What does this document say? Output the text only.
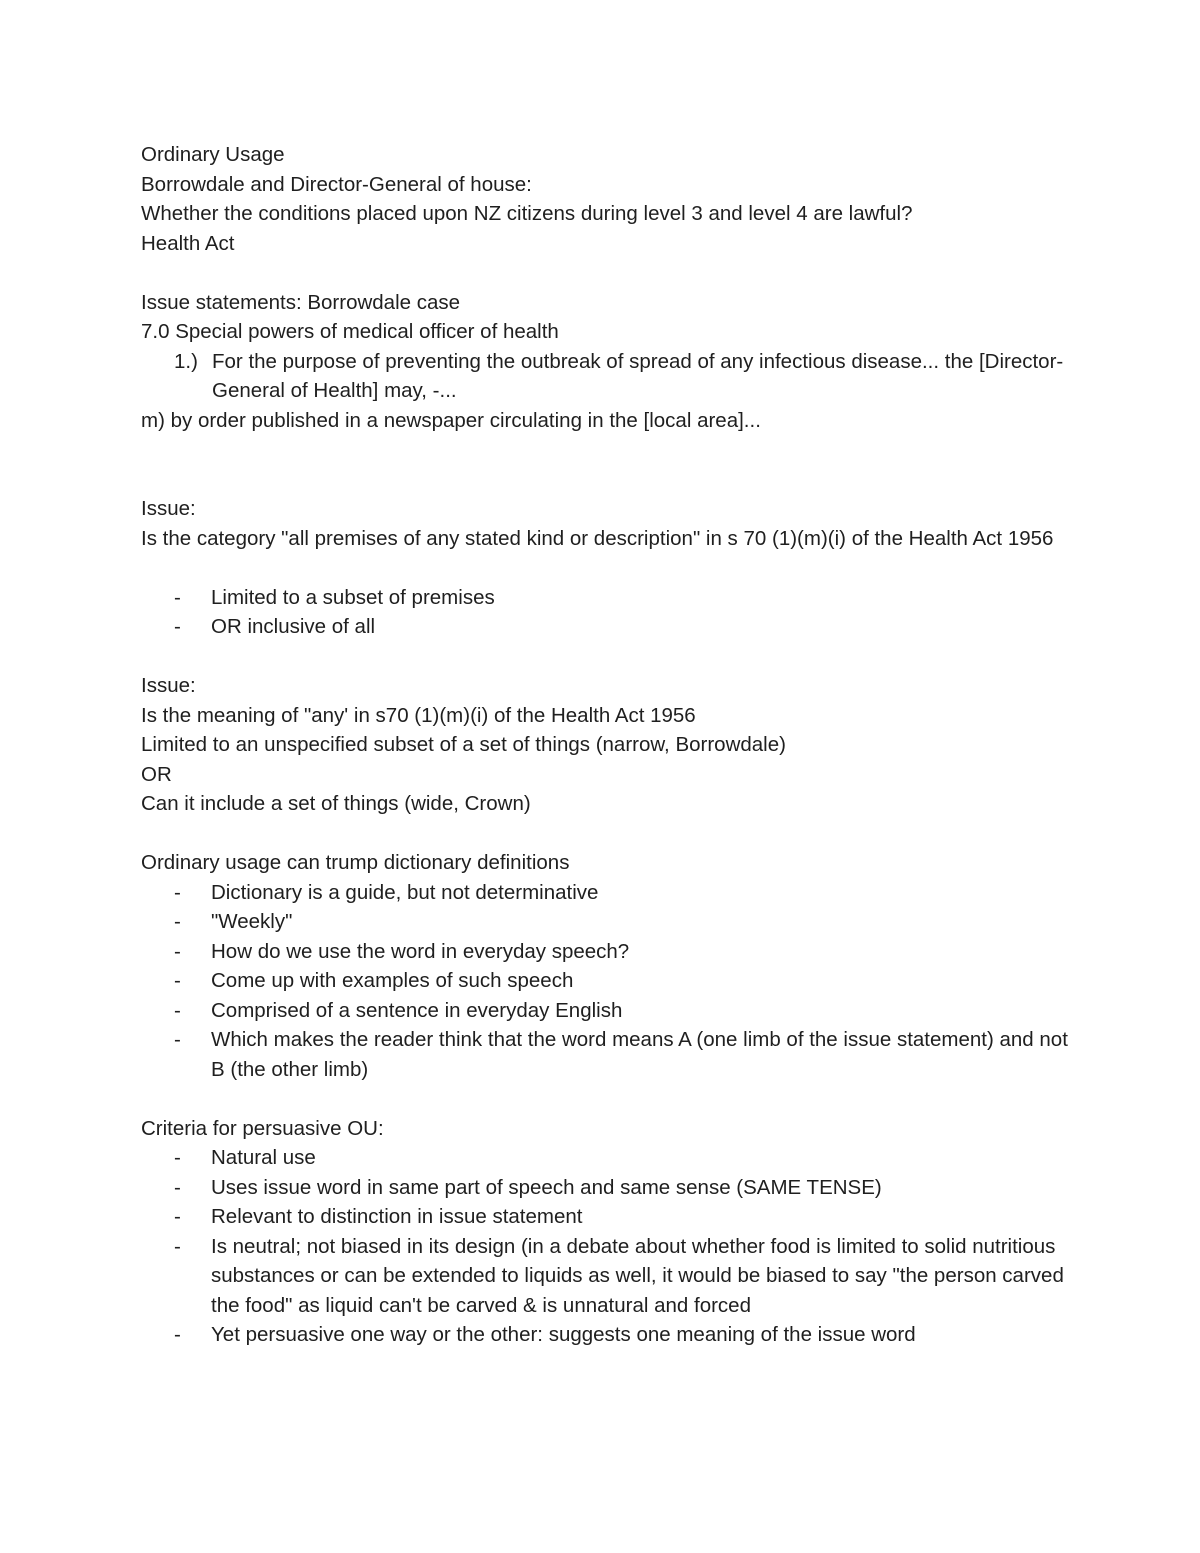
Ordinary Usage

Borrowdale and Director-General of house:

Whether the conditions placed upon NZ citizens during level 3 and level 4 are lawful?

Health Act

Issue statements: Borrowdale case

7.0 Special powers of medical officer of health

1.) For the purpose of preventing the outbreak of spread of any infectious disease... the [Director-General of Health] may, -...

m) by order published in a newspaper circulating in the [local area]...

Issue:

Is the category "all premises of any stated kind or description" in s 70 (1)(m)(i) of the Health Act 1956

-	Limited to a subset of premises
-	OR inclusive of all

Issue:

Is the meaning of "any' in s70 (1)(m)(i) of the Health Act 1956

Limited to an unspecified subset of a set of things (narrow, Borrowdale)

OR

Can it include a set of things (wide, Crown)

Ordinary usage can trump dictionary definitions

-	Dictionary is a guide, but not determinative
-	"Weekly"
-	How do we use the word in everyday speech?
-	Come up with examples of such speech
-	Comprised of a sentence in everyday English
-	Which makes the reader think that the word means A (one limb of the issue statement) and not B (the other limb)

Criteria for persuasive OU:

-	Natural use
-	Uses issue word in same part of speech and same sense (SAME TENSE)
-	Relevant to distinction in issue statement
-	Is neutral; not biased in its design (in a debate about whether food is limited to solid nutritious substances or can be extended to liquids as well, it would be biased to say "the person carved the food" as liquid can't be carved & is unnatural and forced
-	Yet persuasive one way or the other: suggests one meaning of the issue word
